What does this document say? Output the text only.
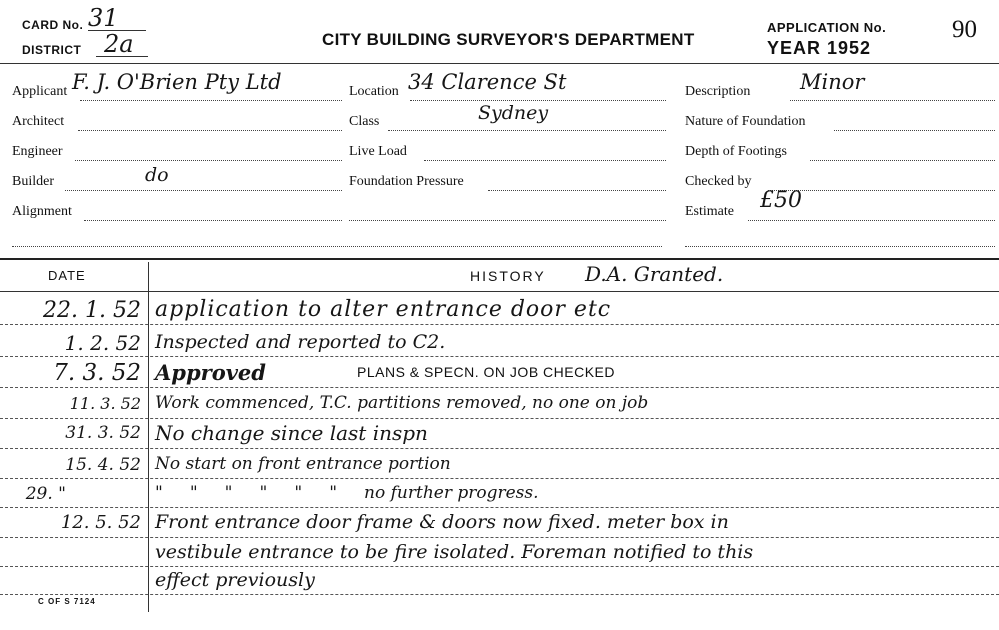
CARD No. 31
DISTRICT 2a	CITY BUILDING SURVEYOR'S DEPARTMENT
APPLICATION No.
YEAR 1952
90
Applicant F. J. O'Brien Pty Ltd
Architect
Engineer
Builder	do
Alignment
Location 34 Clarence St
Class	Sydney
Live Load
Foundation Pressure
Description Minor
Nature of Foundation
Depth of Footings
Checked by
Estimate £50
DATE	HISTORY D.A. Granted.
22. 1. 52 application to alter entrance door etc
1. 2. 52 Inspected and reported to C2.
7. 3. 52 Approved	PLANS & SPECN. ON JOB CHECKED
11. 3. 52 Work commenced, T.C. partitions removed, no one on job
31. 3. 52 No change since last inspn
15. 4. 52 No start on front entrance portion
29. "	"     "     "     "     "     "     no further progress.
12. 5. 52 Front entrance door frame & doors now fixed. meter box in
vestibule entrance to be fire isolated. Foreman notified to this
effect previously
C OF S 7124
